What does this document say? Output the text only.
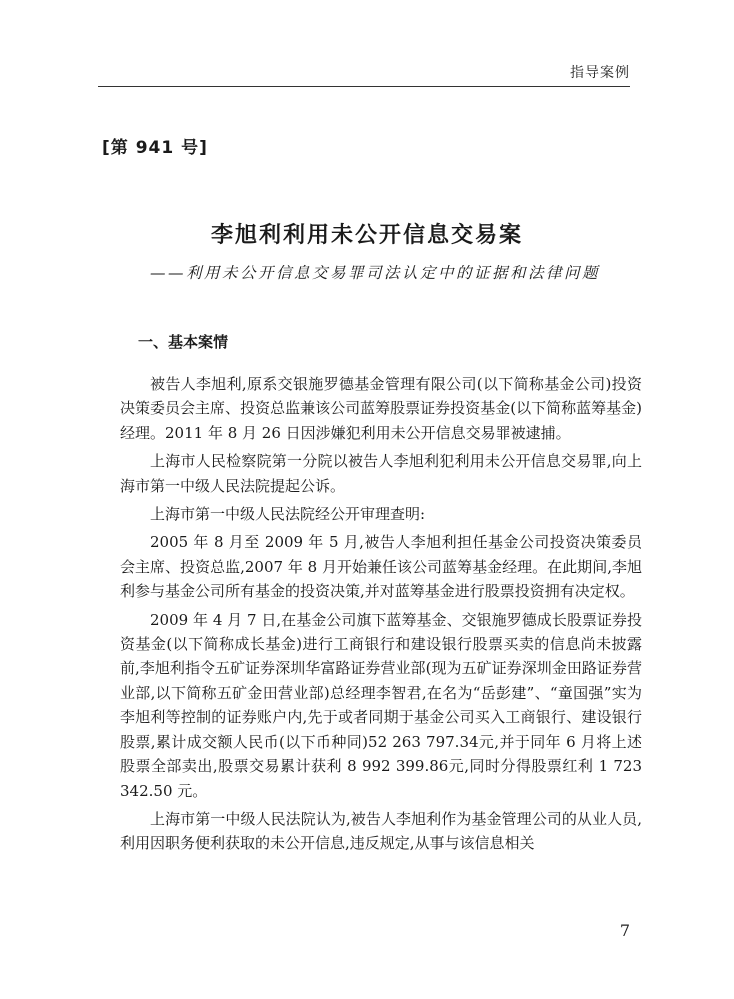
指导案例
[第 941 号]
李旭利利用未公开信息交易案
——利用未公开信息交易罪司法认定中的证据和法律问题
一、基本案情

被告人李旭利,原系交银施罗德基金管理有限公司(以下简称基金公司)投资决策委员会主席、投资总监兼该公司蓝筹股票证券投资基金(以下简称蓝筹基金)经理。2011 年 8 月 26 日因涉嫌犯利用未公开信息交易罪被逮捕。

上海市人民检察院第一分院以被告人李旭利犯利用未公开信息交易罪,向上海市第一中级人民法院提起公诉。

上海市第一中级人民法院经公开审理查明:

2005 年 8 月至 2009 年 5 月,被告人李旭利担任基金公司投资决策委员会主席、投资总监,2007 年 8 月开始兼任该公司蓝筹基金经理。在此期间,李旭利参与基金公司所有基金的投资决策,并对蓝筹基金进行股票投资拥有决定权。

2009 年 4 月 7 日,在基金公司旗下蓝筹基金、交银施罗德成长股票证券投资基金(以下简称成长基金)进行工商银行和建设银行股票买卖的信息尚未披露前,李旭利指令五矿证券深圳华富路证券营业部(现为五矿证券深圳金田路证券营业部,以下简称五矿金田营业部)总经理李智君,在名为“岳彭建”、“童国强”实为李旭利等控制的证券账户内,先于或者同期于基金公司买入工商银行、建设银行股票,累计成交额人民币(以下币种同)52 263 797.34元,并于同年 6 月将上述股票全部卖出,股票交易累计获利 8 992 399.86元,同时分得股票红利 1 723 342.50 元。

上海市第一中级人民法院认为,被告人李旭利作为基金管理公司的从业人员,利用因职务便利获取的未公开信息,违反规定,从事与该信息相关

7
